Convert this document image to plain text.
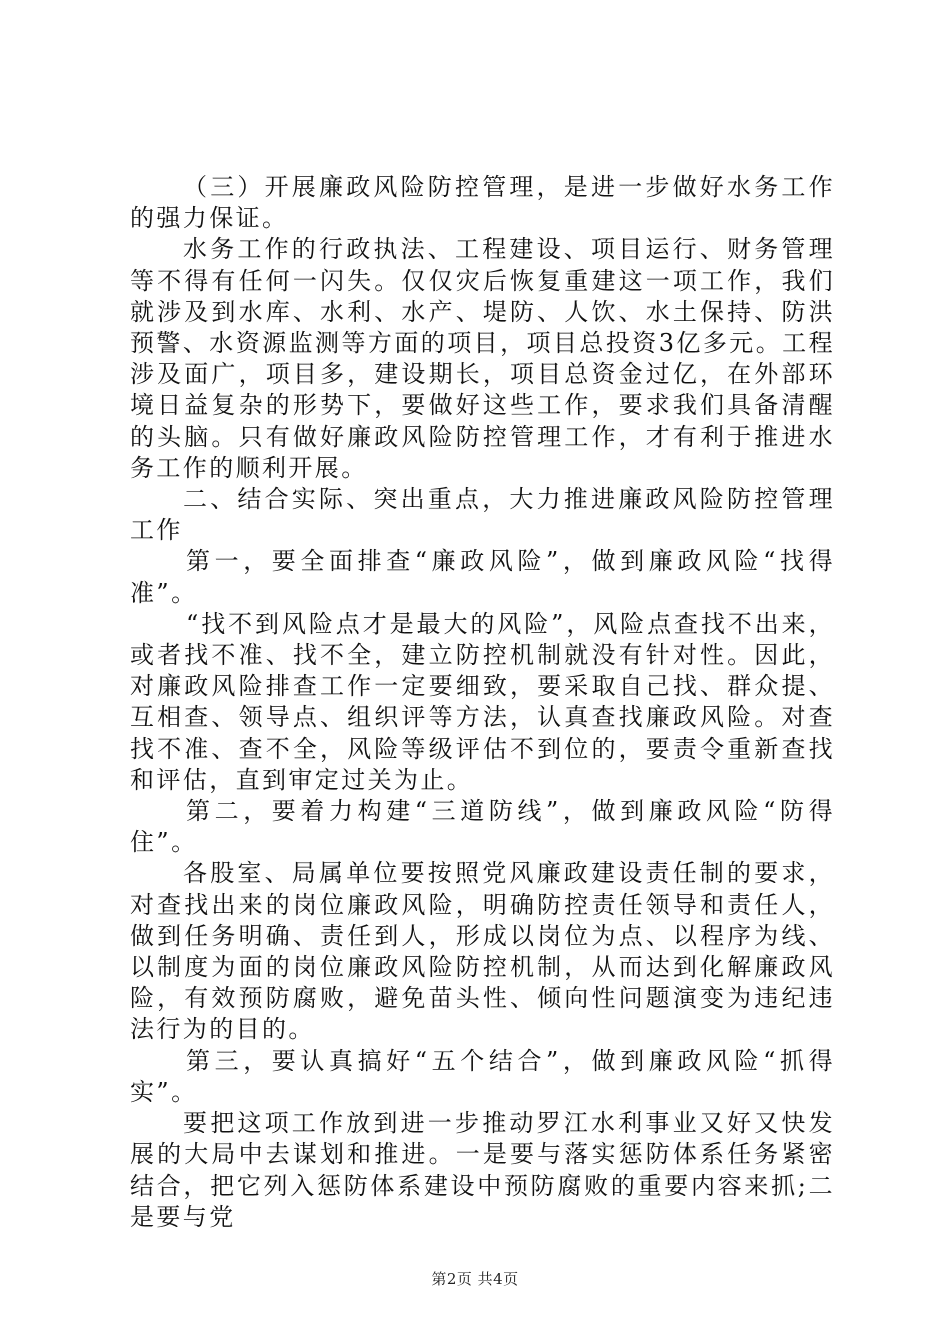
（三）开展廉政风险防控管理，是进一步做好水务工作的强力保证。

水务工作的行政执法、工程建设、项目运行、财务管理等不得有任何一闪失。仅仅灾后恢复重建这一项工作，我们就涉及到水库、水利、水产、堤防、人饮、水土保持、防洪预警、水资源监测等方面的项目，项目总投资3亿多元。工程涉及面广，项目多，建设期长，项目总资金过亿，在外部环境日益复杂的形势下，要做好这些工作，要求我们具备清醒的头脑。只有做好廉政风险防控管理工作，才有利于推进水务工作的顺利开展。

二、结合实际、突出重点，大力推进廉政风险防控管理工作

第一，要全面排查“廉政风险”，做到廉政风险“找得准”。

“找不到风险点才是最大的风险”，风险点查找不出来，或者找不准、找不全，建立防控机制就没有针对性。因此，对廉政风险排查工作一定要细致，要采取自己找、群众提、互相查、领导点、组织评等方法，认真查找廉政风险。对查找不准、查不全，风险等级评估不到位的，要责令重新查找和评估，直到审定过关为止。

第二，要着力构建“三道防线”，做到廉政风险“防得住”。

各股室、局属单位要按照党风廉政建设责任制的要求，对查找出来的岗位廉政风险，明确防控责任领导和责任人，做到任务明确、责任到人，形成以岗位为点、以程序为线、以制度为面的岗位廉政风险防控机制，从而达到化解廉政风险，有效预防腐败，避免苗头性、倾向性问题演变为违纪违法行为的目的。

第三，要认真搞好“五个结合”，做到廉政风险“抓得实”。

要把这项工作放到进一步推动罗江水利事业又好又快发展的大局中去谋划和推进。一是要与落实惩防体系任务紧密结合，把它列入惩防体系建设中预防腐败的重要内容来抓;二是要与党

第2页 共4页
